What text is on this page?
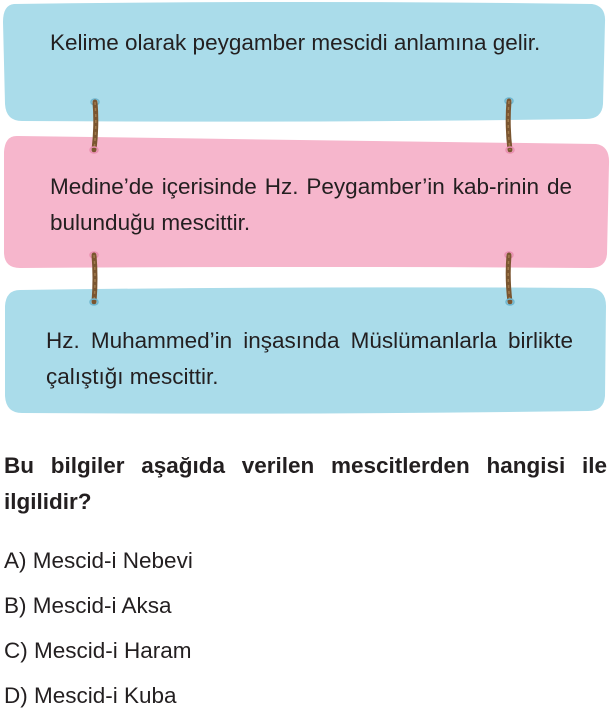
Kelime olarak peygamber mescidi anlamına gelir.

Medine’de içerisinde Hz. Peygamber’in kab-rinin de bulunduğu mescittir.

Hz. Muhammed’in inşasında Müslümanlarla birlikte çalıştığı mescittir.

Bu bilgiler aşağıda verilen mescitlerden hangisi ile ilgilidir?

A) Mescid-i Nebevi
B) Mescid-i Aksa
C) Mescid-i Haram
D) Mescid-i Kuba
